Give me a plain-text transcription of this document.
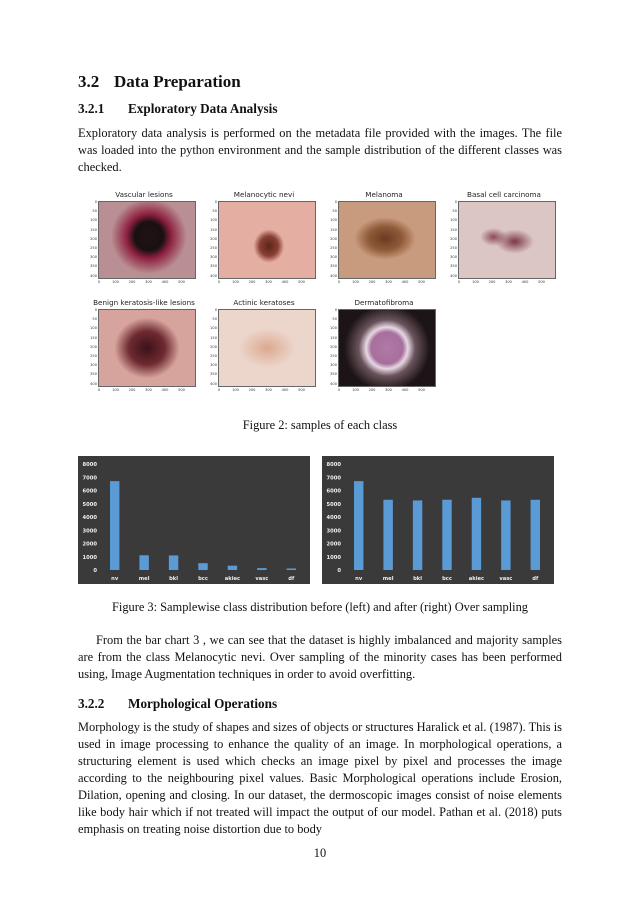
3.2 Data Preparation
3.2.1 Exploratory Data Analysis

Exploratory data analysis is performed on the metadata file provided with the images. The file was loaded into the python environment and the sample distribution of the different classes was checked.

Vascular lesions
0
50
100
150
200
250
300
350
400
0	100	200	300	400	500
Melanocytic nevi
0
50
100
150
200
250
300
350
400
0	100	200	300	400	500
Melanoma
0
50
100
150
200
250
300
350
400
0	100	200	300	400	500
Basal cell carcinoma
0
50
100
150
200
250
300
350
400
0	100	200	300	400	500
Benign keratosis-like lesions
0
50
100
150
200
250
300
350
400
0	100	200	300	400	500
Actinic keratoses
0
50
100
150
200
250
300
350
400
0	100	200	300	400	500
Dermatofibroma
0
50
100
150
200
250
300
350
400
0	100	200	300	400	500

Figure 2: samples of each class

0
1000
2000
3000
4000
5000
6000
7000
8000
nv	mel	bkl	bcc	akiec	vasc	df
0
1000
2000
3000
4000
5000
6000
7000
8000
nv	mel	bkl	bcc	akiec	vasc	df

Figure 3: Samplewise class distribution before (left) and after (right) Over sampling

From the bar chart 3 , we can see that the dataset is highly imbalanced and majority samples are from the class Melanocytic nevi. Over sampling of the minority cases has been performed using, Image Augmentation techniques in order to avoid overfitting.

3.2.2 Morphological Operations

Morphology is the study of shapes and sizes of objects or structures Haralick et al. (1987). This is used in image processing to enhance the quality of an image. In morphological operations, a structuring element is used which checks an image pixel by pixel and processes the image according to the neighbouring pixel values. Basic Morphological operations include Erosion, Dilation, opening and closing. In our dataset, the dermoscopic images consist of noise elements like body hair which if not treated will impact the output of our model. Pathan et al. (2018) puts emphasis on treating noise distortion due to body

10
